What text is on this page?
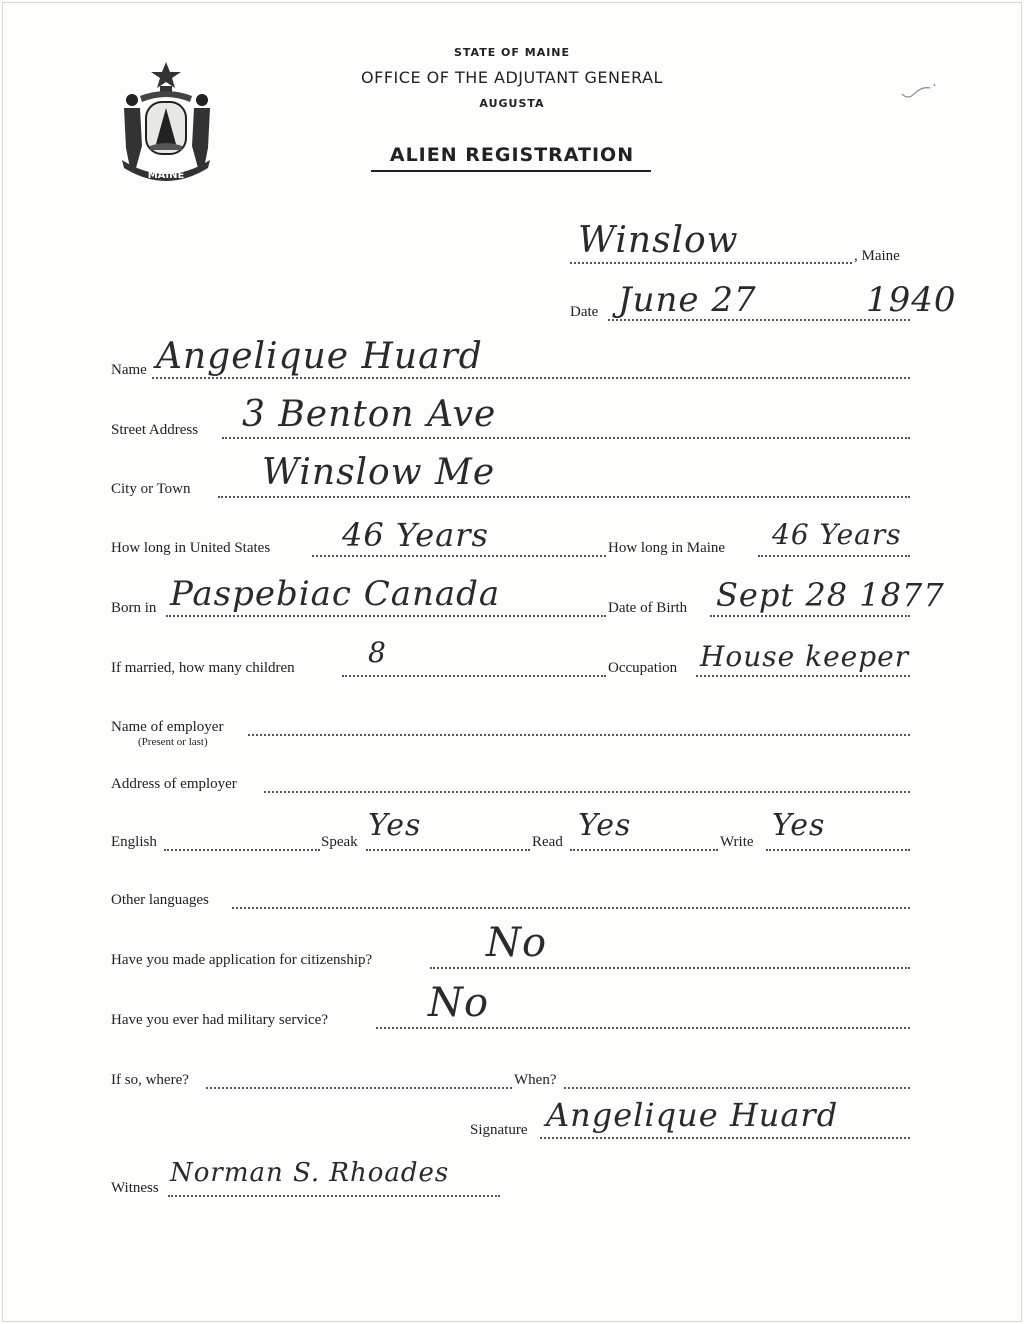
STATE OF MAINE
OFFICE OF THE ADJUTANT GENERAL
AUGUSTA
ALIEN REGISTRATION
MAINE
Winslow	, Maine
Date June 27	1940
Name Angelique Huard
Street Address 3 Benton Ave
City or Town Winslow Me
How long in United States 46 Years	How long in Maine 46 Years
Born in Paspebiac Canada	Date of Birth Sept 28 1877
If married, how many children	8	Occupation House keeper
Name of employer
(Present or last)
Address of employer
English	Speak Yes	Read Yes	Write Yes
Other languages
Have you made application for citizenship?	No
Have you ever had military service?	No
If so, where?	When?
Signature Angelique Huard
Witness Norman S. Rhoades
